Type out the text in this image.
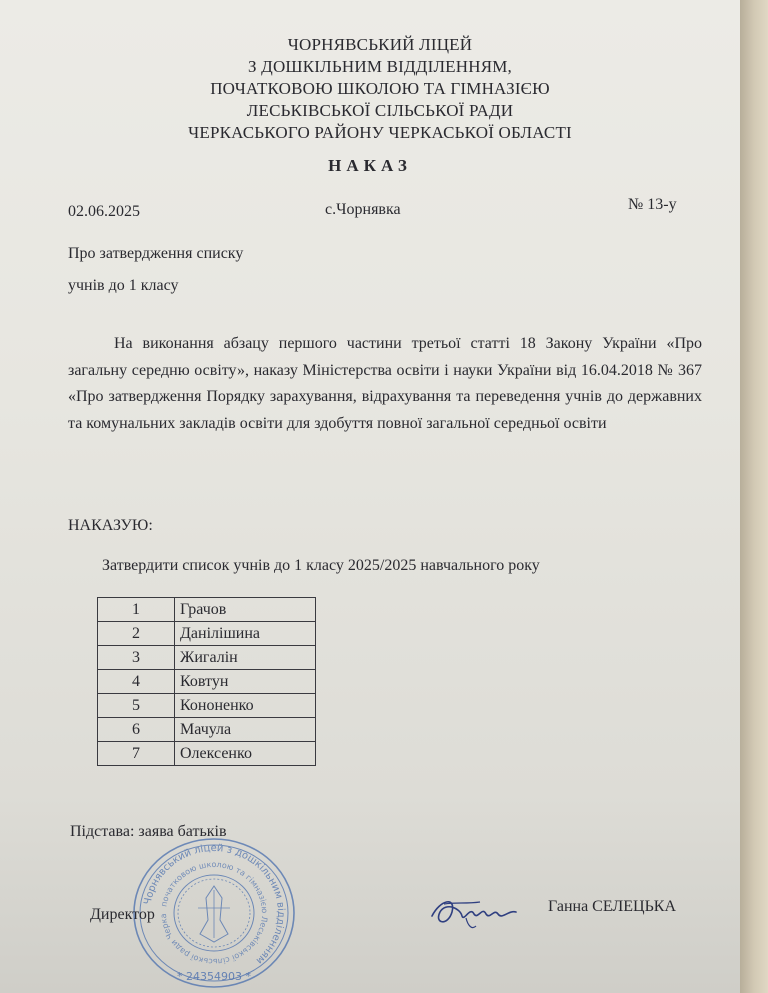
ЧОРНЯВСЬКИЙ ЛІЦЕЙ
З ДОШКІЛЬНИМ ВІДДІЛЕННЯМ,
ПОЧАТКОВОЮ ШКОЛОЮ ТА ГІМНАЗІЄЮ
ЛЕСЬКІВСЬКОЇ СІЛЬСЬКОЇ РАДИ
ЧЕРКАСЬКОГО РАЙОНУ ЧЕРКАСЬКОЇ ОБЛАСТІ
НАКАЗ
02.06.2025	с.Чорнявка	№ 13-у
Про затвердження списку
учнів до 1 класу
На виконання абзацу першого частини третьої статті 18 Закону України «Про загальну середню освіту», наказу Міністерства освіти і науки України від 16.04.2018 № 367 «Про затвердження Порядку зарахування, відрахування та переведення учнів до державних та комунальних закладів освіти для здобуття повної загальної середньої освіти
НАКАЗУЮ:
Затвердити список учнів до 1 класу 2025/2025 навчального року
1	Грачов
2	Данілішина
3	Жигалін
4	Ковтун
5	Кононенко
6	Мачула
7	Олексенко
Підстава: заява батьків
Чорнявський ліцей з дошкільним відділенням
початковою школою та гімназією Леськівської сільської ради Черка
* 24354903 *
Директор	Ганна СЕЛЕЦЬКА
